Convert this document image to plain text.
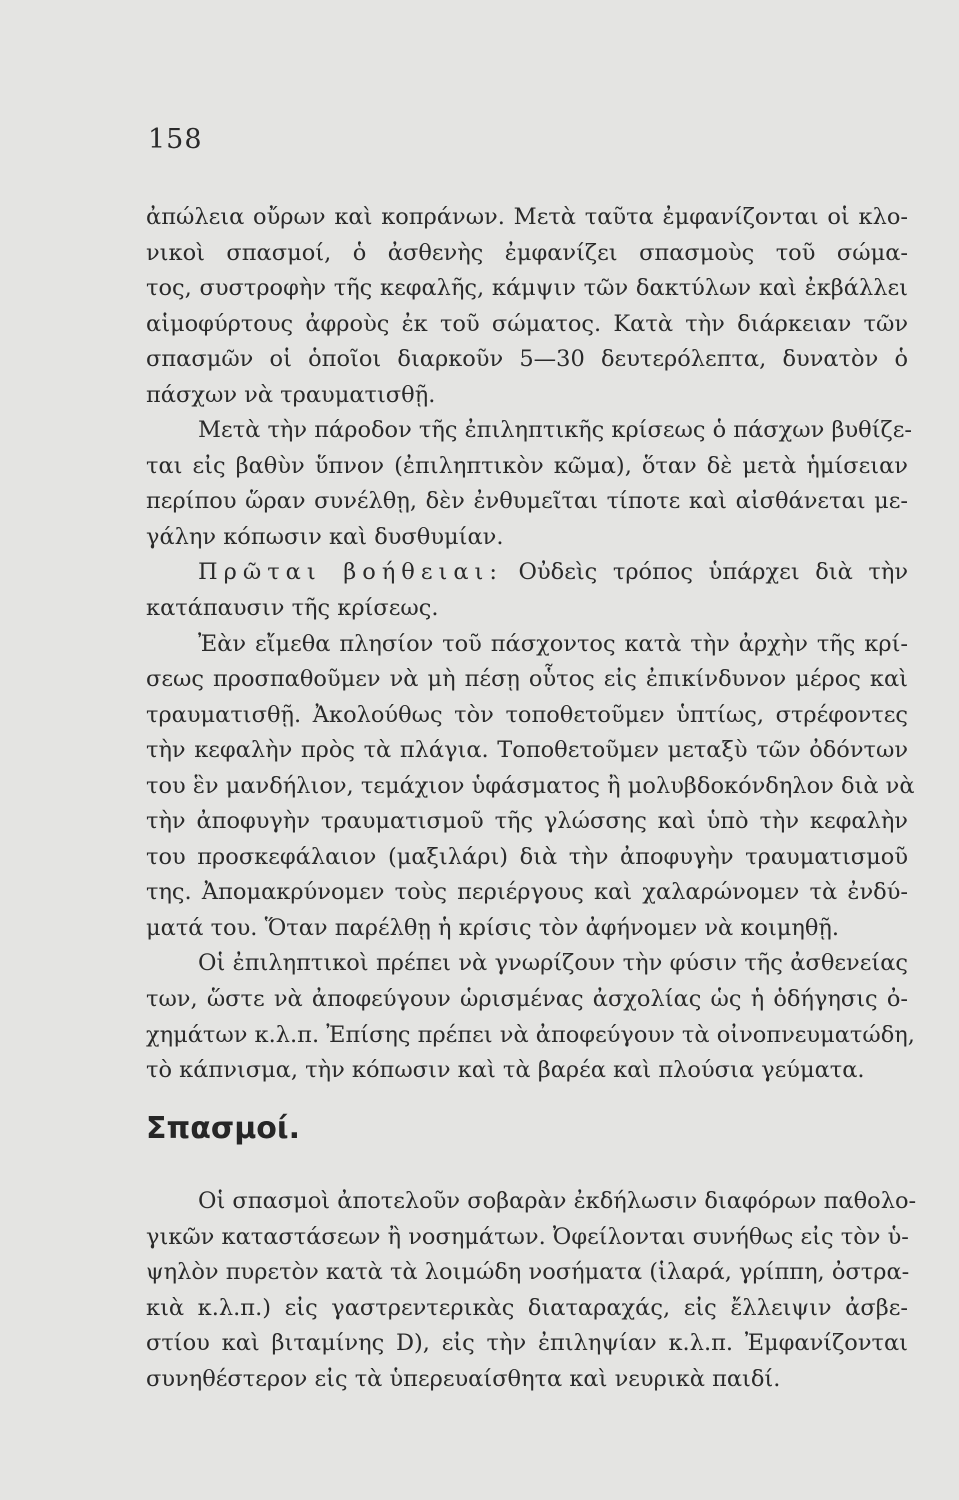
158
ἀπώλεια οὔρων καὶ κοπράνων. Μετὰ ταῦτα ἐμφανίζονται οἱ κλο-
νικοὶ σπασμοί, ὁ ἀσθενὴς ἐμφανίζει σπασμοὺς τοῦ σώμα-
τος, συστροφὴν τῆς κεφαλῆς, κάμψιν τῶν δακτύλων καὶ ἐκβάλλει
αἱμοφύρτους ἀφροὺς ἐκ τοῦ σώματος. Κατὰ τὴν διάρκειαν τῶν
σπασμῶν οἱ ὁποῖοι διαρκοῦν 5—30 δευτερόλεπτα, δυνατὸν ὁ
πάσχων νὰ τραυματισθῇ.
Μετὰ τὴν πάροδον τῆς ἐπιληπτικῆς κρίσεως ὁ πάσχων βυθίζε-
ται εἰς βαθὺν ὕπνον (ἐπιληπτικὸν κῶμα), ὅταν δὲ μετὰ ἡμίσειαν
περίπου ὥραν συνέλθῃ, δὲν ἐνθυμεῖται τίποτε καὶ αἰσθάνεται με-
γάλην κόπωσιν καὶ δυσθυμίαν.
Πρῶται βοήθειαι: Οὐδεὶς τρόπος ὑπάρχει διὰ τὴν
κατάπαυσιν τῆς κρίσεως.
Ἐὰν εἴμεθα πλησίον τοῦ πάσχοντος κατὰ τὴν ἀρχὴν τῆς κρί-
σεως προσπαθοῦμεν νὰ μὴ πέσῃ οὗτος εἰς ἐπικίνδυνον μέρος καὶ
τραυματισθῇ. Ἀκολούθως τὸν τοποθετοῦμεν ὑπτίως, στρέφοντες
τὴν κεφαλὴν πρὸς τὰ πλάγια. Τοποθετοῦμεν μεταξὺ τῶν ὀδόντων
του ἓν μανδήλιον, τεμάχιον ὑφάσματος ἢ μολυβδοκόνδηλον διὰ νὰ
τὴν ἀποφυγὴν τραυματισμοῦ τῆς γλώσσης καὶ ὑπὸ τὴν κεφαλὴν
του προσκεφάλαιον (μαξιλάρι) διὰ τὴν ἀποφυγὴν τραυματισμοῦ
της. Ἀπομακρύνομεν τοὺς περιέργους καὶ χαλαρώνομεν τὰ ἐνδύ-
ματά του. Ὅταν παρέλθῃ ἡ κρίσις τὸν ἀφήνομεν νὰ κοιμηθῇ.
Οἱ ἐπιληπτικοὶ πρέπει νὰ γνωρίζουν τὴν φύσιν τῆς ἀσθενείας
των, ὥστε νὰ ἀποφεύγουν ὡρισμένας ἀσχολίας ὡς ἡ ὁδήγησις ὀ-
χημάτων κ.λ.π. Ἐπίσης πρέπει νὰ ἀποφεύγουν τὰ οἰνοπνευματώδη,
τὸ κάπνισμα, τὴν κόπωσιν καὶ τὰ βαρέα καὶ πλούσια γεύματα.
Σπασμοί.
Οἱ σπασμοὶ ἀποτελοῦν σοβαρὰν ἐκδήλωσιν διαφόρων παθολο-
γικῶν καταστάσεων ἢ νοσημάτων. Ὀφείλονται συνήθως εἰς τὸν ὑ-
ψηλὸν πυρετὸν κατὰ τὰ λοιμώδη νοσήματα (ἱλαρά, γρίππη, ὀστρα-
κιὰ κ.λ.π.) εἰς γαστρεντερικὰς διαταραχάς, εἰς ἔλλειψιν ἀσβε-
στίου καὶ βιταμίνης D), εἰς τὴν ἐπιληψίαν κ.λ.π. Ἐμφανίζονται
συνηθέστερον εἰς τὰ ὑπερευαίσθητα καὶ νευρικὰ παιδί.
